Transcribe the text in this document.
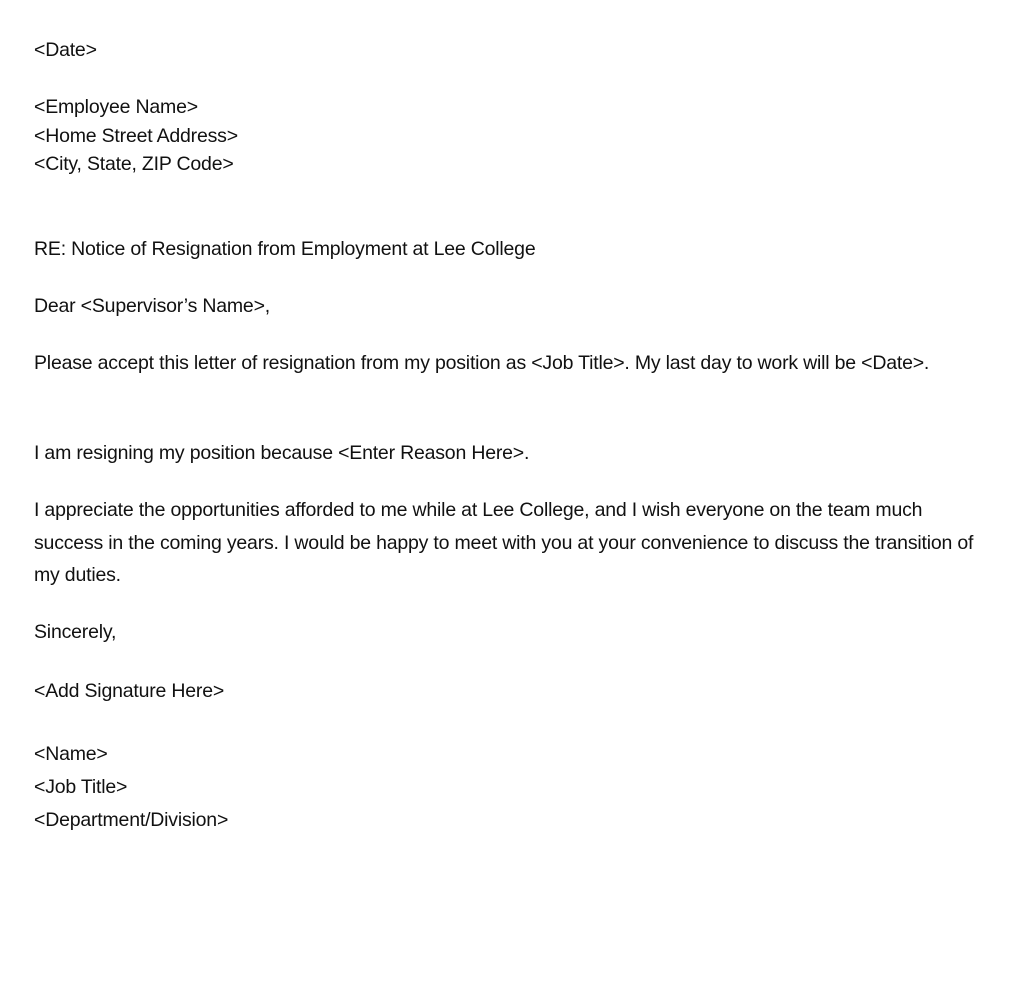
<Date>
<Employee Name>
<Home Street Address>
<City, State, ZIP Code>
RE: Notice of Resignation from Employment at Lee College
Dear <Supervisor’s Name>,
Please accept this letter of resignation from my position as <Job Title>. My last day to work will be <Date>.
I am resigning my position because <Enter Reason Here>.
I appreciate the opportunities afforded to me while at Lee College, and I wish everyone on the team much success in the coming years. I would be happy to meet with you at your convenience to discuss the transition of my duties.
Sincerely,
<Add Signature Here>
<Name>
<Job Title>
<Department/Division>
